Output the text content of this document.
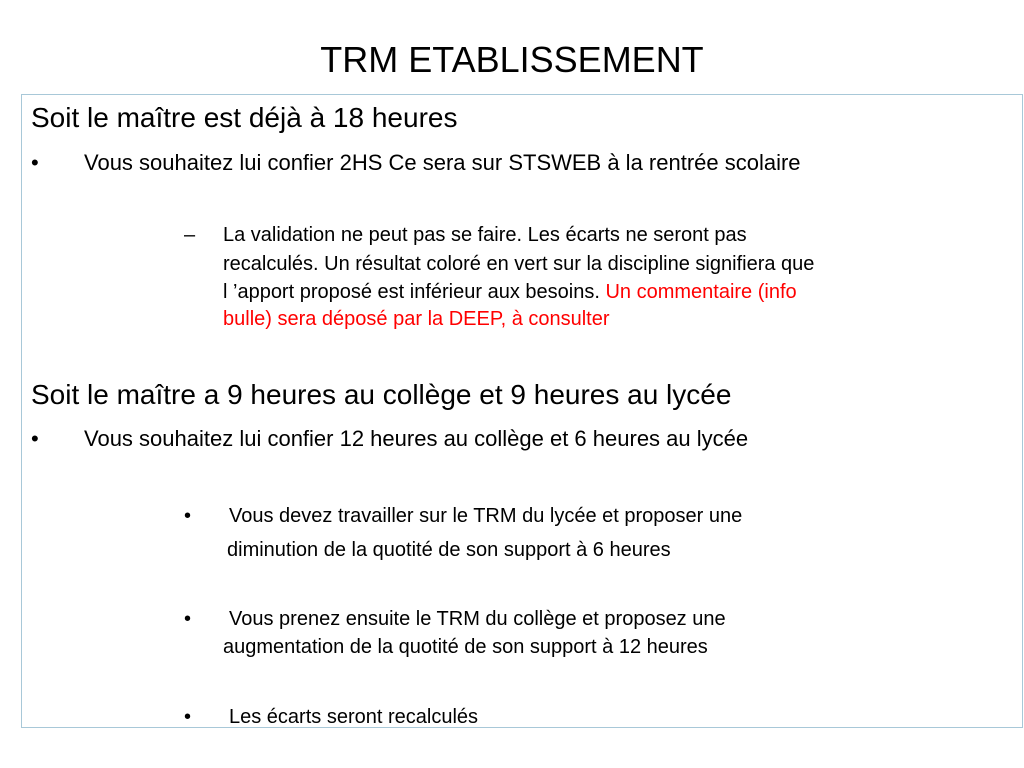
TRM ETABLISSEMENT
Soit le maître est déjà à 18 heures
• Vous souhaitez lui confier 2HS Ce sera sur STSWEB à la rentrée scolaire
– La validation ne peut pas se faire. Les écarts ne seront pas
recalculés. Un résultat coloré en vert sur la discipline signifiera que
l ’apport proposé est inférieur aux besoins. Un commentaire (info
bulle) sera déposé par la DEEP, à consulter
Soit le maître a 9 heures au collège et 9 heures au lycée
• Vous souhaitez lui confier 12 heures au collège et 6 heures au lycée
• Vous devez travailler sur le TRM du lycée et proposer une
diminution de la quotité de son support à 6 heures
• Vous prenez ensuite le TRM du collège et proposez une
augmentation de la quotité de son support à 12 heures
• Les écarts seront recalculés
